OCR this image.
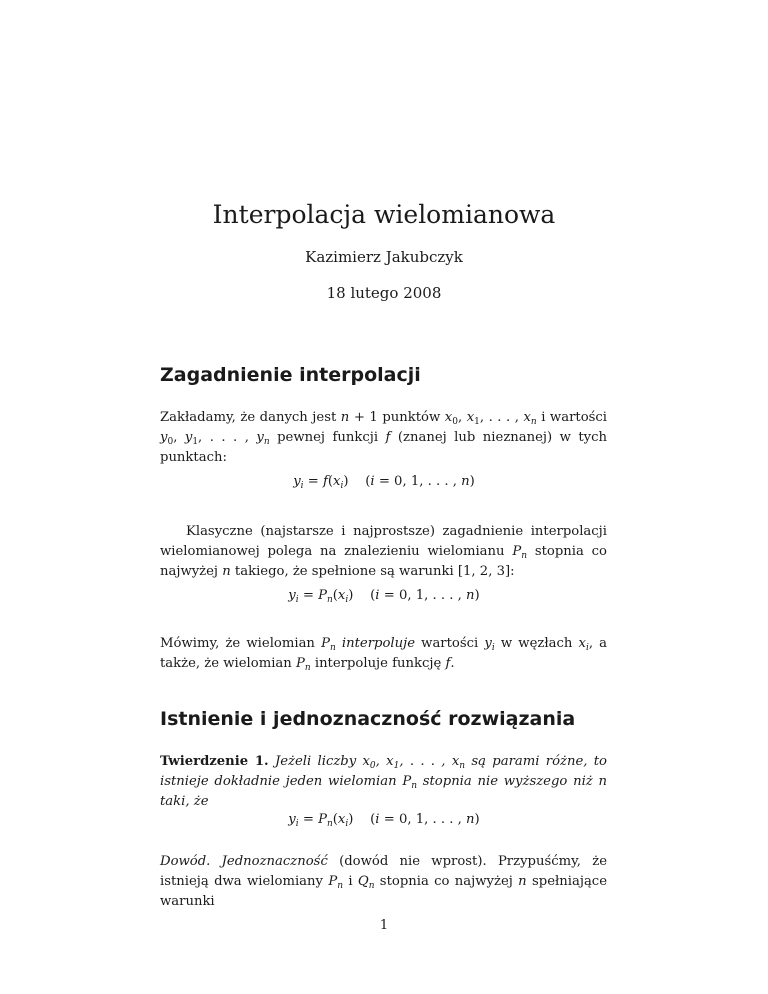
Interpolacja wielomianowa
Kazimierz Jakubczyk
18 lutego 2008
Zagadnienie interpolacji
Zakładamy, że danych jest n + 1 punktów $x_0$, $x_1$, . . . , $x_n$ i wartości $y_0$, $y_1$, . . . , $y_n$ pewnej funkcji f (znanej lub nieznanej) w tych punktach:
$y_i = f(x_i)$    (i = 0, 1, . . . , n)
Klasyczne (najstarsze i najprostsze) zagadnienie interpolacji wielomianowej polega na znalezieniu wielomianu $P_n$ stopnia co najwyżej n takiego, że spełnione są warunki [1, 2, 3]:
$y_i = P_n(x_i)$    (i = 0, 1, . . . , n)
Mówimy, że wielomian $P_n$ interpoluje wartości $y_i$ w węzłach $x_i$, a także, że wielomian $P_n$ interpoluje funkcję f.
Istnienie i jednoznaczność rozwiązania
Twierdzenie 1. Jeżeli liczby $x_0$, $x_1$, . . . , $x_n$ są parami różne, to istnieje dokładnie jeden wielomian $P_n$ stopnia nie wyższego niż n taki, że
$y_i = P_n(x_i)$    (i = 0, 1, . . . , n)
Dowód. Jednoznaczność (dowód nie wprost). Przypuśćmy, że istnieją dwa wielomiany $P_n$ i $Q_n$ stopnia co najwyżej n spełniające warunki
1
